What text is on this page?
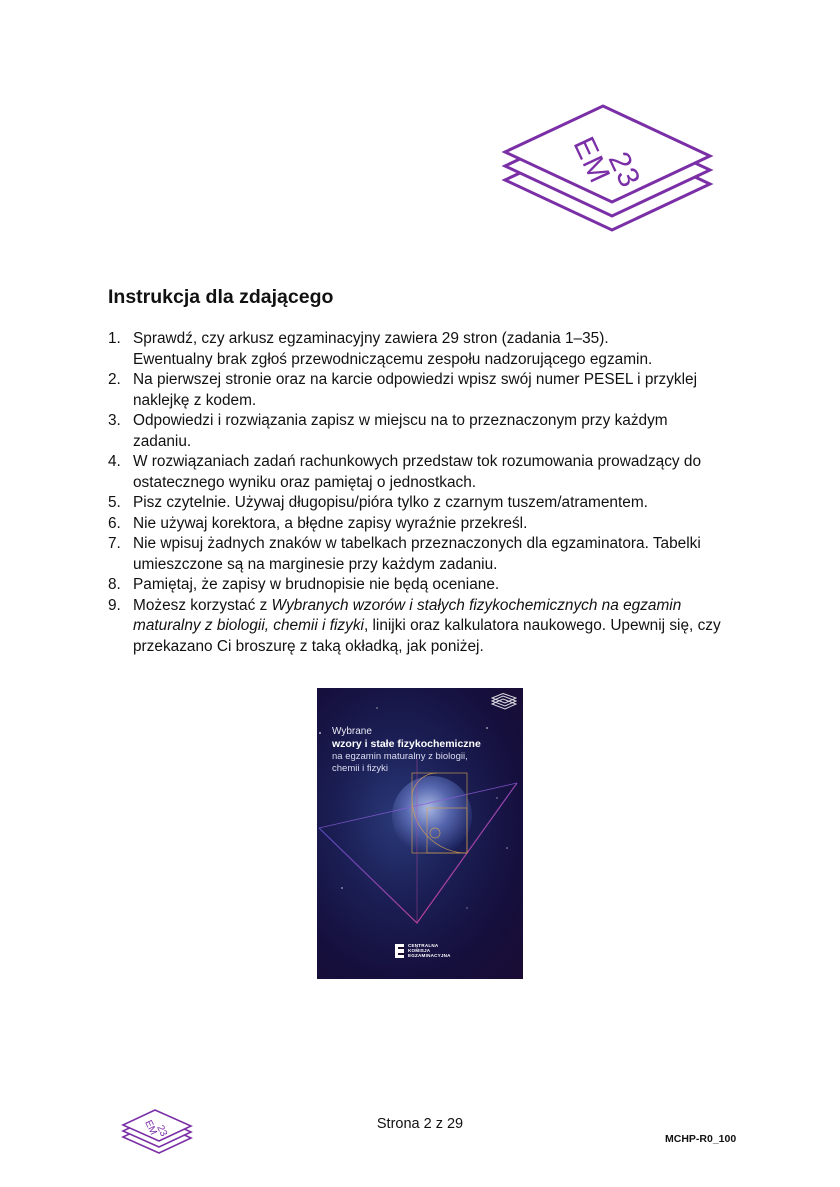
EM
23
Instrukcja dla zdającego
1. Sprawdź, czy arkusz egzaminacyjny zawiera 29 stron (zadania 1–35).
Ewentualny brak zgłoś przewodniczącemu zespołu nadzorującego egzamin.
2. Na pierwszej stronie oraz na karcie odpowiedzi wpisz swój numer PESEL i przyklej
naklejkę z kodem.
3. Odpowiedzi i rozwiązania zapisz w miejscu na to przeznaczonym przy każdym
zadaniu.
4. W rozwiązaniach zadań rachunkowych przedstaw tok rozumowania prowadzący do
ostatecznego wyniku oraz pamiętaj o jednostkach.
5. Pisz czytelnie. Używaj długopisu/pióra tylko z czarnym tuszem/atramentem.
6. Nie używaj korektora, a błędne zapisy wyraźnie przekreśl.
7. Nie wpisuj żadnych znaków w tabelkach przeznaczonych dla egzaminatora. Tabelki
umieszczone są na marginesie przy każdym zadaniu.
8. Pamiętaj, że zapisy w brudnopisie nie będą oceniane.
9. Możesz korzystać z Wybranych wzorów i stałych fizykochemicznych na egzamin
maturalny z biologii, chemii i fizyki, linijki oraz kalkulatora naukowego. Upewnij się, czy
przekazano Ci broszurę z taką okładką, jak poniżej.
Wybrane
wzory i stałe fizykochemiczne
na egzamin maturalny z biologii,
chemii i fizyki
CENTRALNA
KOMISJA
EGZAMINACYJNA
EM
23	Strona 2 z 29
MCHP-R0_100
